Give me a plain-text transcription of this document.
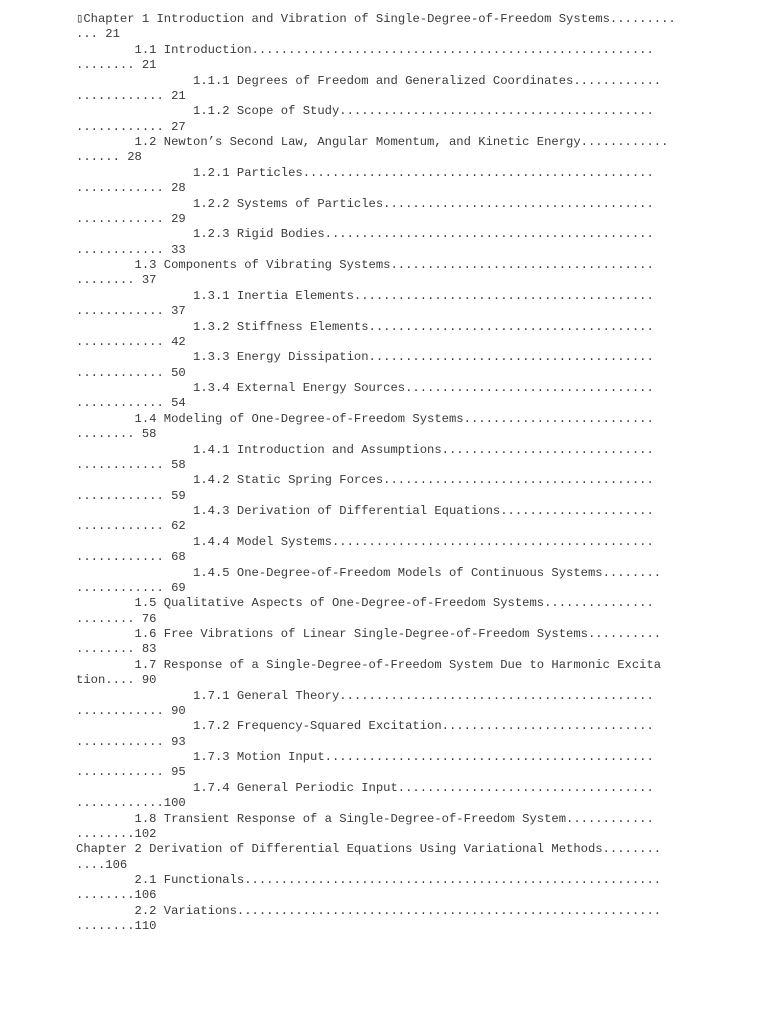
▯Chapter 1 Introduction and Vibration of Single-Degree-of-Freedom Systems.........
... 21
1.1 Introduction.......................................................
........ 21
1.1.1 Degrees of Freedom and Generalized Coordinates............
............ 21
1.1.2 Scope of Study...........................................
............ 27
1.2 Newton’s Second Law, Angular Momentum, and Kinetic Energy............
...... 28
1.2.1 Particles................................................
............ 28
1.2.2 Systems of Particles.....................................
............ 29
1.2.3 Rigid Bodies.............................................
............ 33
1.3 Components of Vibrating Systems....................................
........ 37
1.3.1 Inertia Elements.........................................
............ 37
1.3.2 Stiffness Elements.......................................
............ 42
1.3.3 Energy Dissipation.......................................
............ 50
1.3.4 External Energy Sources..................................
............ 54
1.4 Modeling of One-Degree-of-Freedom Systems..........................
........ 58
1.4.1 Introduction and Assumptions.............................
............ 58
1.4.2 Static Spring Forces.....................................
............ 59
1.4.3 Derivation of Differential Equations.....................
............ 62
1.4.4 Model Systems............................................
............ 68
1.4.5 One-Degree-of-Freedom Models of Continuous Systems........
............ 69
1.5 Qualitative Aspects of One-Degree-of-Freedom Systems...............
........ 76
1.6 Free Vibrations of Linear Single-Degree-of-Freedom Systems..........
........ 83
1.7 Response of a Single-Degree-of-Freedom System Due to Harmonic Excita
tion.... 90
1.7.1 General Theory...........................................
............ 90
1.7.2 Frequency-Squared Excitation.............................
............ 93
1.7.3 Motion Input.............................................
............ 95
1.7.4 General Periodic Input...................................
............100
1.8 Transient Response of a Single-Degree-of-Freedom System............
........102
Chapter 2 Derivation of Differential Equations Using Variational Methods........
....106
2.1 Functionals.........................................................
........106
2.2 Variations..........................................................
........110
